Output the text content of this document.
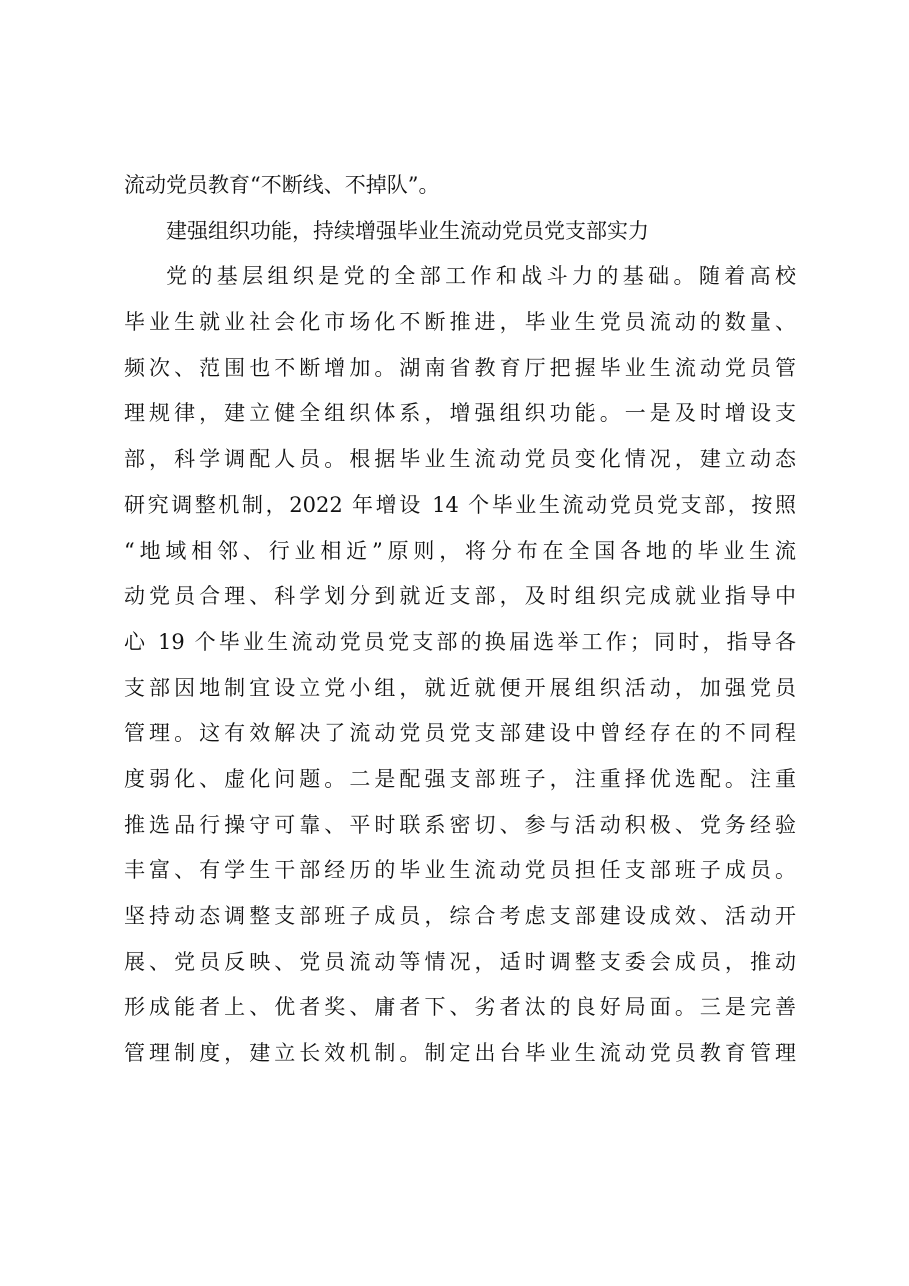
流动党员教育“不断线、不掉队”。
建强组织功能，持续增强毕业生流动党员党支部实力
党的基层组织是党的全部工作和战斗力的基础。随着高校
毕业生就业社会化市场化不断推进，毕业生党员流动的数量、
频次、范围也不断增加。湖南省教育厅把握毕业生流动党员管
理规律，建立健全组织体系，增强组织功能。一是及时增设支
部，科学调配人员。根据毕业生流动党员变化情况，建立动态
研究调整机制，2022 年增设 14 个毕业生流动党员党支部，按照
“地域相邻、行业相近”原则，将分布在全国各地的毕业生流
动党员合理、科学划分到就近支部，及时组织完成就业指导中
心 19 个毕业生流动党员党支部的换届选举工作；同时，指导各
支部因地制宜设立党小组，就近就便开展组织活动，加强党员
管理。这有效解决了流动党员党支部建设中曾经存在的不同程
度弱化、虚化问题。二是配强支部班子，注重择优选配。注重
推选品行操守可靠、平时联系密切、参与活动积极、党务经验
丰富、有学生干部经历的毕业生流动党员担任支部班子成员。
坚持动态调整支部班子成员，综合考虑支部建设成效、活动开
展、党员反映、党员流动等情况，适时调整支委会成员，推动
形成能者上、优者奖、庸者下、劣者汰的良好局面。三是完善
管理制度，建立长效机制。制定出台毕业生流动党员教育管理
